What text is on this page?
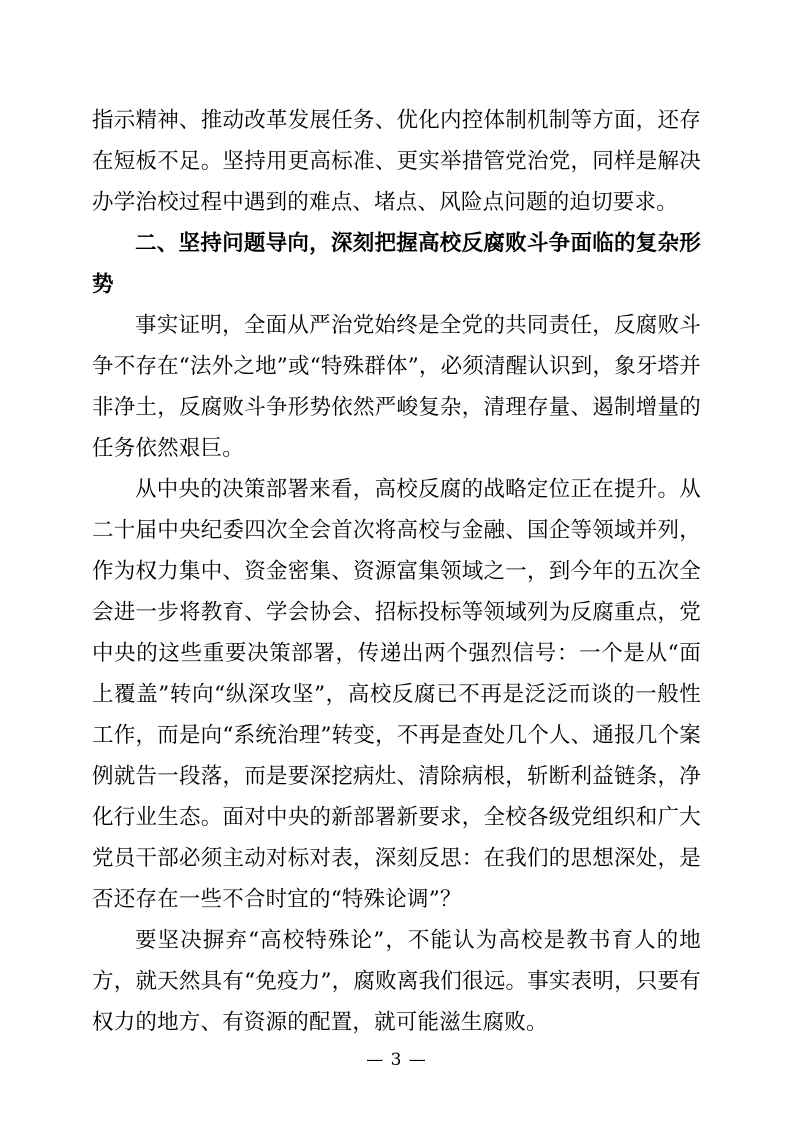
指示精神、推动改革发展任务、优化内控体制机制等方面，还存在短板不足。坚持用更高标准、更实举措管党治党，同样是解决办学治校过程中遇到的难点、堵点、风险点问题的迫切要求。

二、坚持问题导向，深刻把握高校反腐败斗争面临的复杂形势

事实证明，全面从严治党始终是全党的共同责任，反腐败斗争不存在“法外之地”或“特殊群体”，必须清醒认识到，象牙塔并非净土，反腐败斗争形势依然严峻复杂，清理存量、遏制增量的任务依然艰巨。

从中央的决策部署来看，高校反腐的战略定位正在提升。从二十届中央纪委四次全会首次将高校与金融、国企等领域并列，作为权力集中、资金密集、资源富集领域之一，到今年的五次全会进一步将教育、学会协会、招标投标等领域列为反腐重点，党中央的这些重要决策部署，传递出两个强烈信号：一个是从“面上覆盖”转向“纵深攻坚”，高校反腐已不再是泛泛而谈的一般性工作，而是向“系统治理”转变，不再是查处几个人、通报几个案例就告一段落，而是要深挖病灶、清除病根，斩断利益链条，净化行业生态。面对中央的新部署新要求，全校各级党组织和广大党员干部必须主动对标对表，深刻反思：在我们的思想深处，是否还存在一些不合时宜的“特殊论调”？

要坚决摒弃“高校特殊论”，不能认为高校是教书育人的地方，就天然具有“免疫力”，腐败离我们很远。事实表明，只要有权力的地方、有资源的配置，就可能滋生腐败。

— 3 —
